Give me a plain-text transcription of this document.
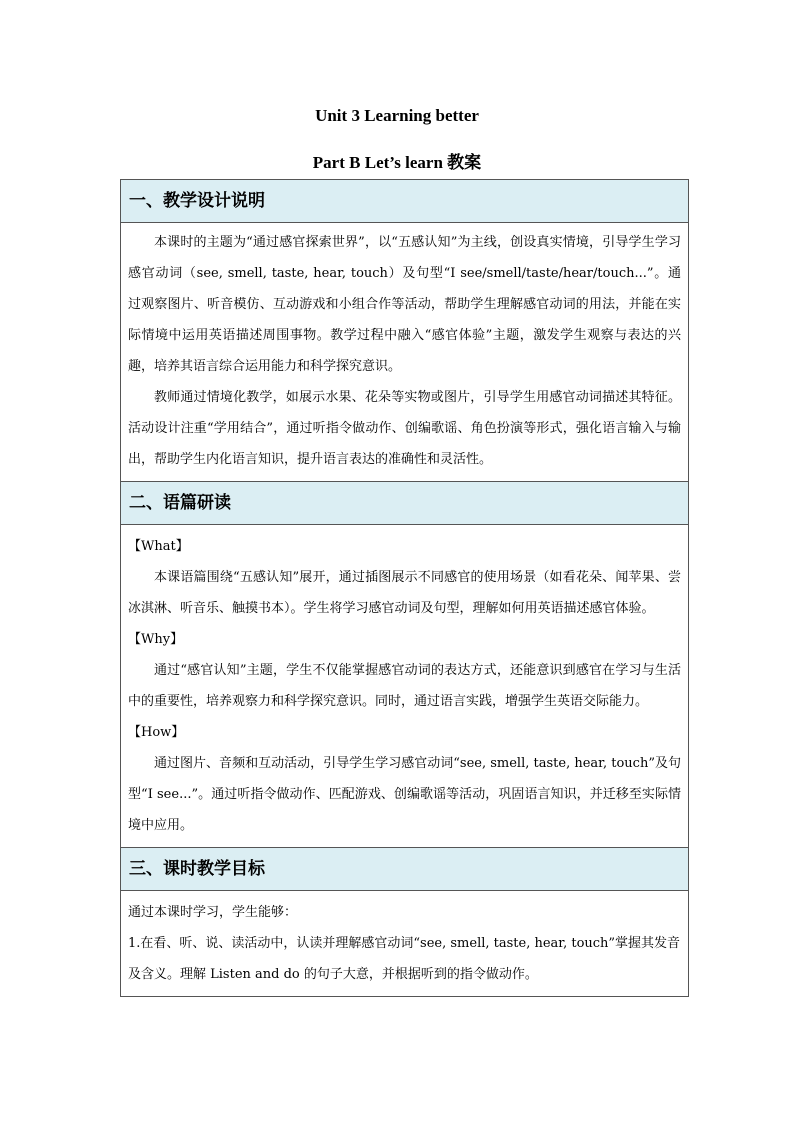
Unit 3 Learning better
Part B Let’s learn 教案
一、教学设计说明

本课时的主题为“通过感官探索世界”，以“五感认知”为主线，创设真实情境，引导学生学习感官动词（see, smell, taste, hear, touch）及句型“I see/smell/taste/hear/touch...”。通过观察图片、听音模仿、互动游戏和小组合作等活动，帮助学生理解感官动词的用法，并能在实际情境中运用英语描述周围事物。教学过程中融入“感官体验”主题，激发学生观察与表达的兴趣，培养其语言综合运用能力和科学探究意识。

教师通过情境化教学，如展示水果、花朵等实物或图片，引导学生用感官动词描述其特征。活动设计注重“学用结合”，通过听指令做动作、创编歌谣、角色扮演等形式，强化语言输入与输出，帮助学生内化语言知识，提升语言表达的准确性和灵活性。

二、语篇研读

【What】

本课语篇围绕“五感认知”展开，通过插图展示不同感官的使用场景（如看花朵、闻苹果、尝冰淇淋、听音乐、触摸书本）。学生将学习感官动词及句型，理解如何用英语描述感官体验。

【Why】

通过“感官认知”主题，学生不仅能掌握感官动词的表达方式，还能意识到感官在学习与生活中的重要性，培养观察力和科学探究意识。同时，通过语言实践，增强学生英语交际能力。

【How】

通过图片、音频和互动活动，引导学生学习感官动词“see, smell, taste, hear, touch”及句型“I see...”。通过听指令做动作、匹配游戏、创编歌谣等活动，巩固语言知识，并迁移至实际情境中应用。

三、课时教学目标

通过本课时学习，学生能够：

1.在看、听、说、读活动中，认读并理解感官动词“see, smell, taste, hear, touch”掌握其发音及含义。理解 Listen and do 的句子大意，并根据听到的指令做动作。
